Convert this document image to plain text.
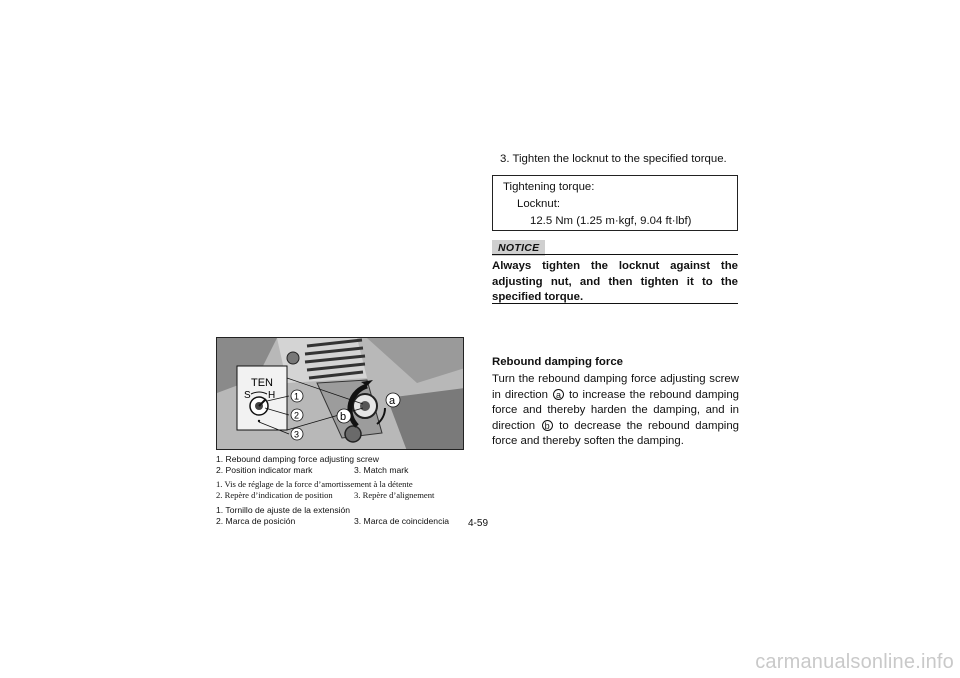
TEN
S H 1
2
3
b
a
1. Rebound damping force adjusting screw
2. Position indicator mark	3. Match mark
1. Vis de réglage de la force d’amortissement à la détente
2. Repère d’indication de position 3. Repère d’alignement
1. Tornillo de ajuste de la extensión
2. Marca de posición	3. Marca de coincidencia 4-59
3. Tighten the locknut to the specified torque.
Tightening torque:
Locknut:
12.5 Nm (1.25 m·kgf, 9.04 ft·lbf)
NOTICE
Always tighten the locknut against the adjusting nut, and then tighten it to the specified torque.
Rebound damping force
Turn the rebound damping force adjusting screw in direction a to increase the rebound damping force and thereby harden the damping, and in direction b to decrease the rebound damping force and thereby soften the damping.
carmanualsonline.info
